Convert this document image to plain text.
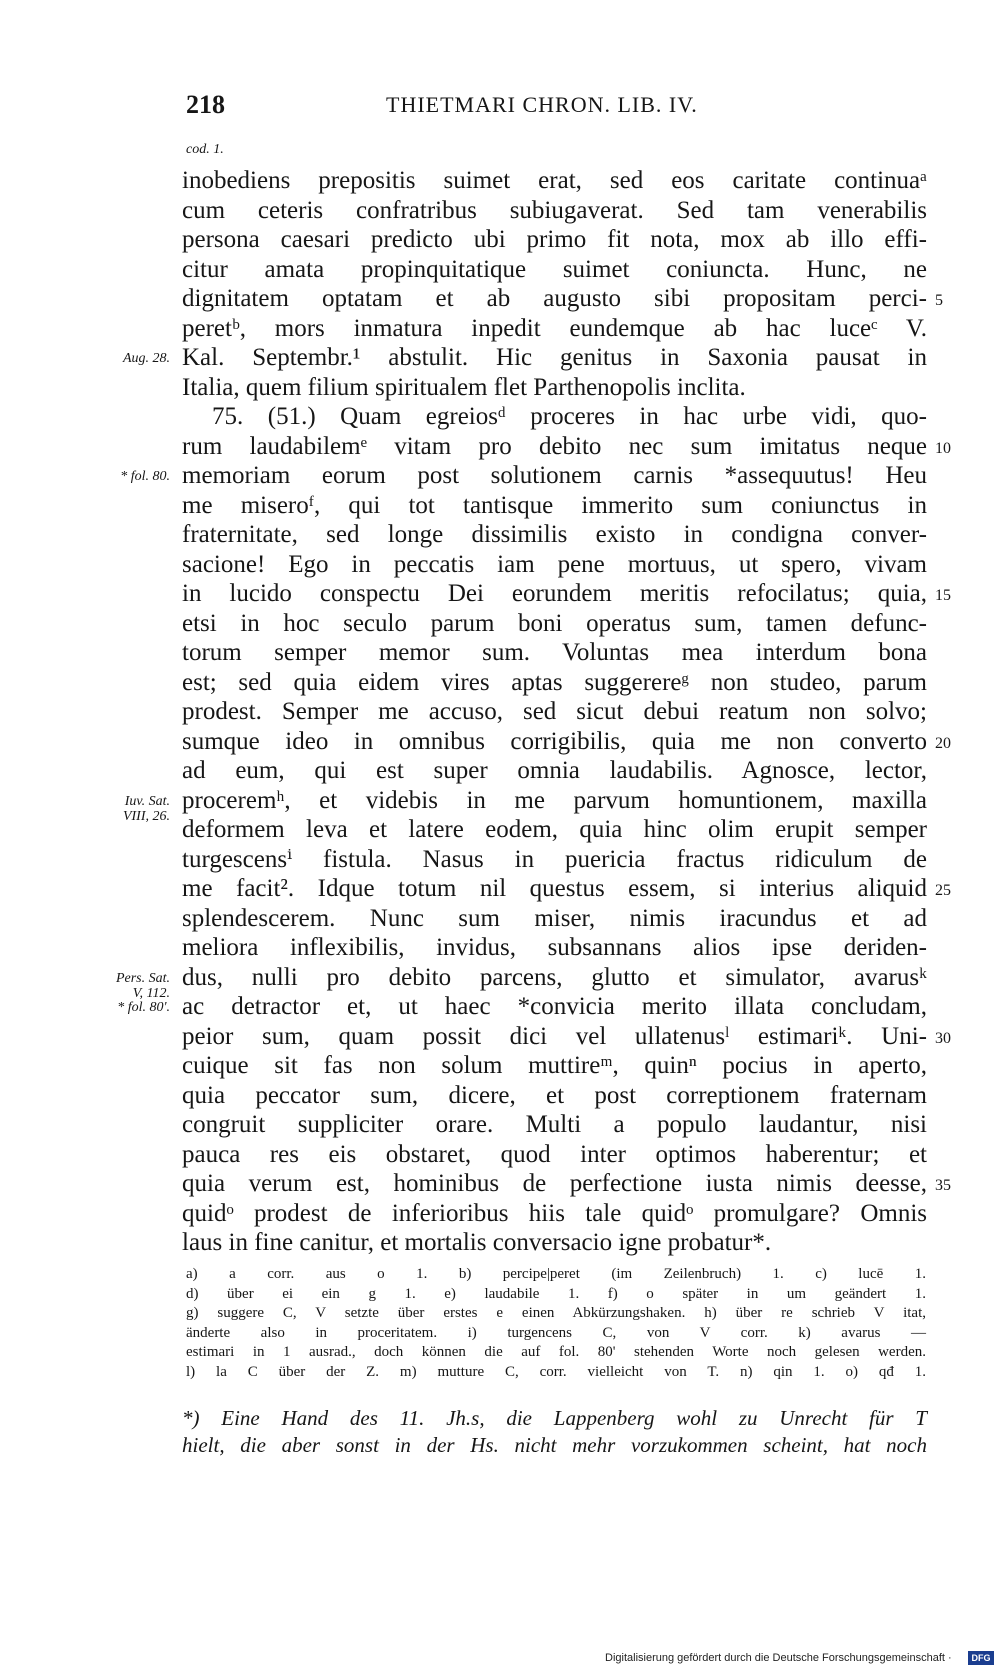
218	THIETMARI CHRON. LIB. IV.
cod. 1.
inobediens prepositis suimet erat, sed eos caritate continuaᵃ
cum ceteris confratribus subiugaverat. Sed tam venerabilis
persona caesari predicto ubi primo fit nota, mox ab illo effi-
citur amata propinquitatique suimet coniuncta. Hunc, ne
dignitatem optatam et ab augusto sibi propositam perci-
peretᵇ, mors inmatura inpedit eundemque ab hac luceᶜ V.
Kal. Septembr.¹ abstulit. Hic genitus in Saxonia pausat in
Italia, quem filium spiritualem flet Parthenopolis inclita.
75. (51.) Quam egreiosᵈ proceres in hac urbe vidi, quo-
rum laudabilemᵉ vitam pro debito nec sum imitatus neque
memoriam eorum post solutionem carnis *assequutus! Heu
me miseroᶠ, qui tot tantisque immerito sum coniunctus in
fraternitate, sed longe dissimilis existo in condigna conver-
sacione! Ego in peccatis iam pene mortuus, ut spero, vivam
in lucido conspectu Dei eorundem meritis refocilatus; quia,
etsi in hoc seculo parum boni operatus sum, tamen defunc-
torum semper memor sum. Voluntas mea interdum bona
est; sed quia eidem vires aptas suggerereᵍ non studeo, parum
prodest. Semper me accuso, sed sicut debui reatum non solvo;
sumque ideo in omnibus corrigibilis, quia me non converto
ad eum, qui est super omnia laudabilis. Agnosce, lector,
proceremʰ, et videbis in me parvum homuntionem, maxilla
deformem leva et latere eodem, quia hinc olim erupit semper
turgescensⁱ fistula. Nasus in puericia fractus ridiculum de
me facit². Idque totum nil questus essem, si interius aliquid
splendescerem. Nunc sum miser, nimis iracundus et ad
meliora inflexibilis, invidus, subsannans alios ipse deriden-
dus, nulli pro debito parcens, glutto et simulator, avarusᵏ
ac detractor et, ut haec *convicia merito illata concludam,
peior sum, quam possit dici vel ullatenusˡ estimariᵏ. Uni-
cuique sit fas non solum muttireᵐ, quinⁿ pocius in aperto,
quia peccator sum, dicere, et post correptionem fraternam
congruit suppliciter orare. Multi a populo laudantur, nisi
pauca res eis obstaret, quod inter optimos haberentur; et
quia verum est, hominibus de perfectione iusta nimis deesse,
quidᵒ prodest de inferioribus hiis tale quidᵒ promulgare? Omnis
laus in fine canitur, et mortalis conversacio igne probatur*.
Aug. 28.
* fol. 80.
Iuv. Sat.
VIII, 26.
Pers. Sat.
V, 112.
* fol. 80'.
5
10
15
20
25
30
35
a) a corr. aus o 1. b) percipe|peret (im Zeilenbruch) 1. c) lucē 1.
d) über ei ein g 1. e) laudabile 1. f) o später in um geändert 1.
g) suggere C, V setzte über erstes e einen Abkürzungshaken. h) über re schrieb V itat,
änderte also in proceritatem. i) turgencens C, von V corr. k) avarus —
estimari in 1 ausrad., doch können die auf fol. 80' stehenden Worte noch gelesen werden.
l) la C über der Z. m) mutture C, corr. vielleicht von T. n) qin 1. o) qđ 1.
*) Eine Hand des 11. Jh.s, die Lappenberg wohl zu Unrecht für T
hielt, die aber sonst in der Hs. nicht mehr vorzukommen scheint, hat noch
Digitalisierung gefördert durch die Deutsche Forschungsgemeinschaft ·	DFG
